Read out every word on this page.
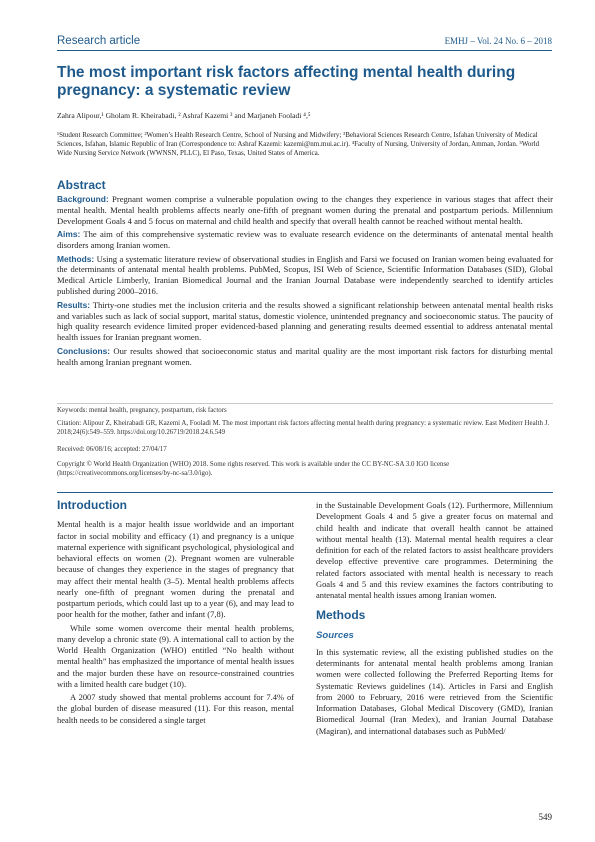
Research article	EMHJ – Vol. 24 No. 6 – 2018
The most important risk factors affecting mental health during pregnancy: a systematic review
Zahra Alipour,¹ Gholam R. Kheirabadi, ² Ashraf Kazemi ³ and Marjaneh Fooladi ⁴,⁵
¹Student Research Committee; ²Women’s Health Research Centre, School of Nursing and Midwifery; ³Behavioral Sciences Research Centre, Isfahan University of Medical Sciences, Isfahan, Islamic Republic of Iran (Correspondence to: Ashraf Kazemi: kazemi@nm.mui.ac.ir). ⁴Faculty of Nursing, University of Jordan, Amman, Jordan. ⁵World Wide Nursing Service Network (WWNSN, PLLC), El Paso, Texas, United States of America.
Abstract

Background: Pregnant women comprise a vulnerable population owing to the changes they experience in various stages that affect their mental health. Mental health problems affects nearly one-fifth of pregnant women during the prenatal and postpartum periods. Millennium Development Goals 4 and 5 focus on maternal and child health and specify that overall health cannot be reached without mental health.

Aims: The aim of this comprehensive systematic review was to evaluate research evidence on the determinants of antenatal mental health disorders among Iranian women.

Methods: Using a systematic literature review of observational studies in English and Farsi we focused on Iranian women being evaluated for the determinants of antenatal mental health problems. PubMed, Scopus, ISI Web of Science, Scientific Information Databases (SID), Global Medical Article Limberly, Iranian Biomedical Journal and the Iranian Journal Database were independently searched to identify articles published during 2000–2016.

Results: Thirty-one studies met the inclusion criteria and the results showed a significant relationship between antenatal mental health risks and variables such as lack of social support, marital status, domestic violence, unintended pregnancy and socioeconomic status. The paucity of high quality research evidence limited proper evidenced-based planning and generating results deemed essential to address antenatal mental health issues for Iranian pregnant women.

Conclusions: Our results showed that socioeconomic status and marital quality are the most important risk factors for disturbing mental health among Iranian pregnant women.

Keywords: mental health, pregnancy, postpartum, risk factors
Citation: Alipour Z, Kheirabadi GR, Kazemi A, Fooladi M. The most important risk factors affecting mental health during pregnancy: a systematic review. East Mediterr Health J. 2018;24(6):549–559. https://doi.org/10.26719/2018.24.6.549
Received: 06/08/16; accepted: 27/04/17
Copyright © World Health Organization (WHO) 2018. Some rights reserved. This work is available under the CC BY-NC-SA 3.0 IGO license (https://creativecommons.org/licenses/by-nc-sa/3.0/igo).
Introduction

Mental health is a major health issue worldwide and an important factor in social mobility and efficacy (1) and pregnancy is a unique maternal experience with significant psychological, physiological and behavioral effects on women (2). Pregnant women are vulnerable because of changes they experience in the stages of pregnancy that may affect their mental health (3–5). Mental health problems affects nearly one-fifth of pregnant women during the prenatal and postpartum periods, which could last up to a year (6), and may lead to poor health for the mother, father and infant (7,8).

While some women overcome their mental health problems, many develop a chronic state (9). A international call to action by the World Health Organization (WHO) entitled “No health without mental health” has emphasized the importance of mental health issues and the major burden these have on resource-constrained countries with a limited health care budget (10).

A 2007 study showed that mental problems account for 7.4% of the global burden of disease measured (11). For this reason, mental health needs to be considered a single target

in the Sustainable Development Goals (12). Furthermore, Millennium Development Goals 4 and 5 give a greater focus on maternal and child health and indicate that overall health cannot be attained without mental health (13). Maternal mental health requires a clear definition for each of the related factors to assist healthcare providers develop effective preventive care programmes. Determining the related factors associated with mental health is necessary to reach Goals 4 and 5 and this review examines the factors contributing to antenatal mental health issues among Iranian women.

Methods
Sources

In this systematic review, all the existing published studies on the determinants for antenatal mental health problems among Iranian women were collected following the Preferred Reporting Items for Systematic Reviews guidelines (14). Articles in Farsi and English from 2000 to February, 2016 were retrieved from the Scientific Information Databases, Global Medical Discovery (GMD), Iranian Biomedical Journal (Iran Medex), and Iranian Journal Database (Magiran), and international databases such as PubMed/

549
